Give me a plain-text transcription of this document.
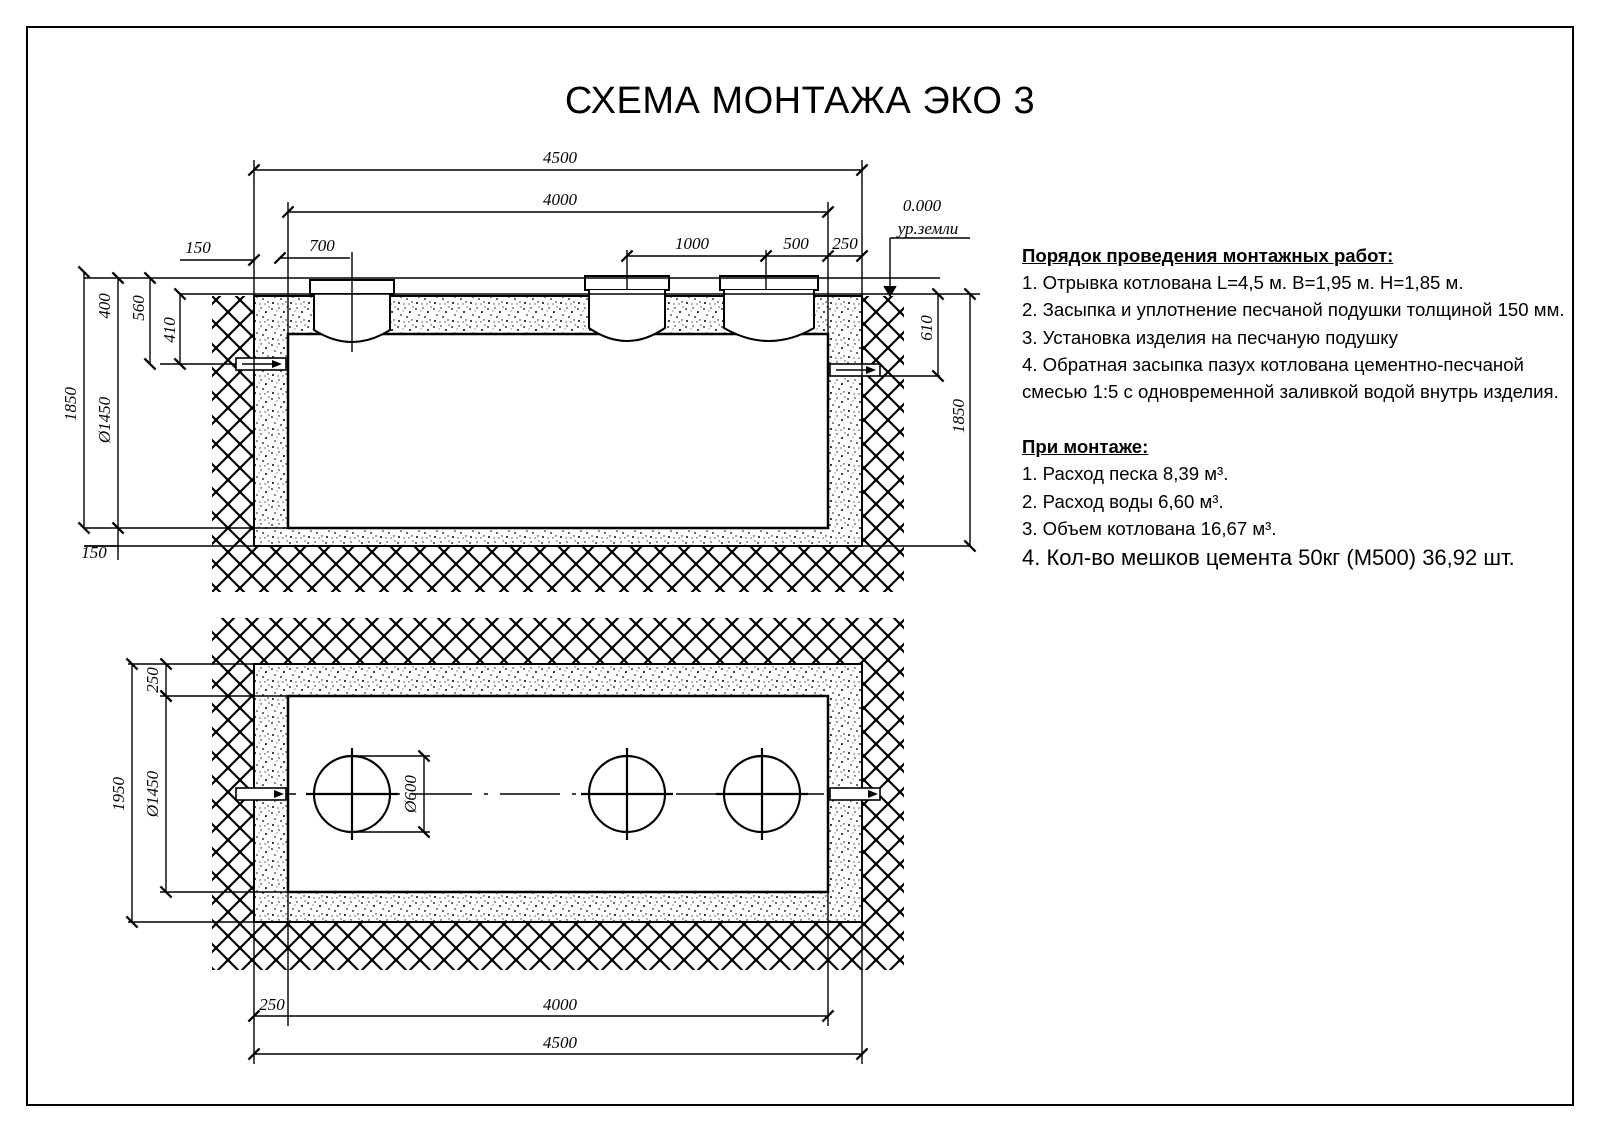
СХЕМА МОНТАЖА ЭКО 3
4500
4000
150	700	1000	500 250
0.000
ур.земли
400 560
410
1850 Ø1450
610
1850
150
250
1950 Ø1450	Ø600
250	4000
4500
Порядок проведения монтажных работ:
1. Отрывка котлована L=4,5 м. В=1,95 м. Н=1,85 м.
2. Засыпка и уплотнение песчаной подушки толщиной 150 мм.
3. Установка изделия на песчаную подушку
4. Обратная засыпка пазух котлована цементно-песчаной смесью 1:5 с одновременной заливкой водой внутрь изделия.
При монтаже:
1. Расход песка 8,39 м³.
2. Расход воды 6,60 м³.
3. Объем котлована 16,67 м³.
4. Кол-во мешков цемента 50кг (М500) 36,92 шт.
